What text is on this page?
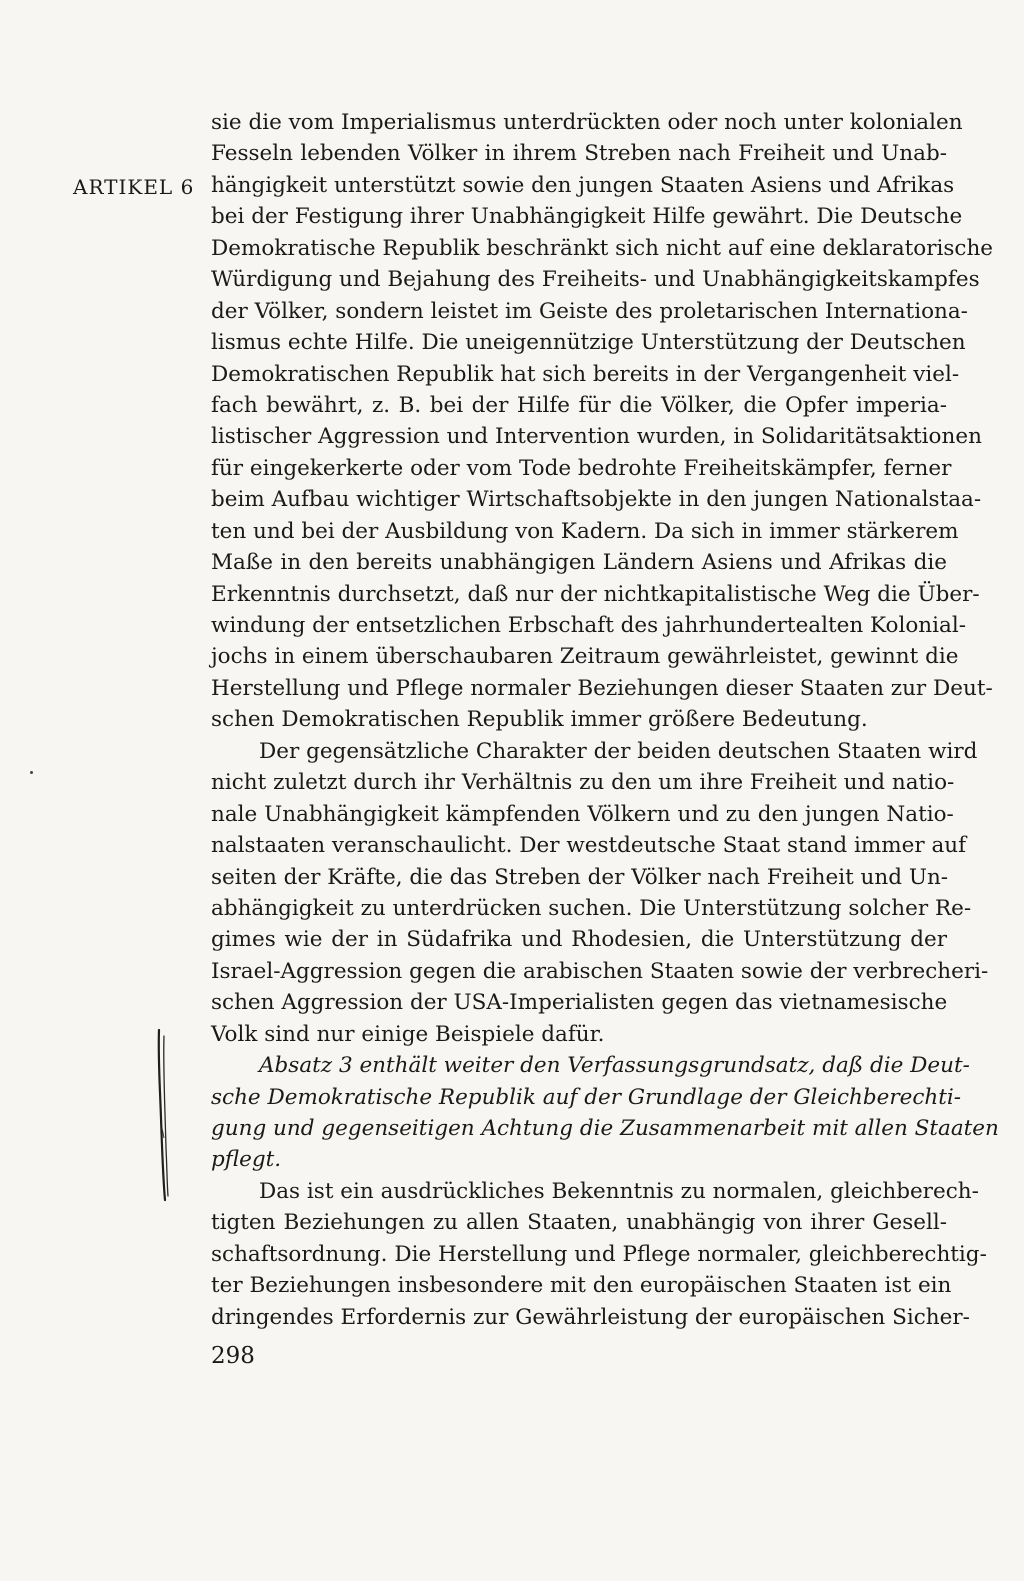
ARTIKEL 6
sie die vom Imperialismus unterdrückten oder noch unter kolonialen
Fesseln lebenden Völker in ihrem Streben nach Freiheit und Unab-
hängigkeit unterstützt sowie den jungen Staaten Asiens und Afrikas
bei der Festigung ihrer Unabhängigkeit Hilfe gewährt. Die Deutsche
Demokratische Republik beschränkt sich nicht auf eine deklaratorische
Würdigung und Bejahung des Freiheits- und Unabhängigkeitskampfes
der Völker, sondern leistet im Geiste des proletarischen Internationa-
lismus echte Hilfe. Die uneigennützige Unterstützung der Deutschen
Demokratischen Republik hat sich bereits in der Vergangenheit viel-
fach bewährt, z. B. bei der Hilfe für die Völker, die Opfer imperia-
listischer Aggression und Intervention wurden, in Solidaritätsaktionen
für eingekerkerte oder vom Tode bedrohte Freiheitskämpfer, ferner
beim Aufbau wichtiger Wirtschaftsobjekte in den jungen Nationalstaa-
ten und bei der Ausbildung von Kadern. Da sich in immer stärkerem
Maße in den bereits unabhängigen Ländern Asiens und Afrikas die
Erkenntnis durchsetzt, daß nur der nichtkapitalistische Weg die Über-
windung der entsetzlichen Erbschaft des jahrhundertealten Kolonial-
jochs in einem überschaubaren Zeitraum gewährleistet, gewinnt die
Herstellung und Pflege normaler Beziehungen dieser Staaten zur Deut-
schen Demokratischen Republik immer größere Bedeutung.
Der gegensätzliche Charakter der beiden deutschen Staaten wird
nicht zuletzt durch ihr Verhältnis zu den um ihre Freiheit und natio-
nale Unabhängigkeit kämpfenden Völkern und zu den jungen Natio-
nalstaaten veranschaulicht. Der westdeutsche Staat stand immer auf
seiten der Kräfte, die das Streben der Völker nach Freiheit und Un-
abhängigkeit zu unterdrücken suchen. Die Unterstützung solcher Re-
gimes wie der in Südafrika und Rhodesien, die Unterstützung der
Israel-Aggression gegen die arabischen Staaten sowie der verbrecheri-
schen Aggression der USA-Imperialisten gegen das vietnamesische
Volk sind nur einige Beispiele dafür.
Absatz 3 enthält weiter den Verfassungsgrundsatz, daß die Deut-
sche Demokratische Republik auf der Grundlage der Gleichberechti-
gung und gegenseitigen Achtung die Zusammenarbeit mit allen Staaten
pflegt.
Das ist ein ausdrückliches Bekenntnis zu normalen, gleichberech-
tigten Beziehungen zu allen Staaten, unabhängig von ihrer Gesell-
schaftsordnung. Die Herstellung und Pflege normaler, gleichberechtig-
ter Beziehungen insbesondere mit den europäischen Staaten ist ein
dringendes Erfordernis zur Gewährleistung der europäischen Sicher-
298
